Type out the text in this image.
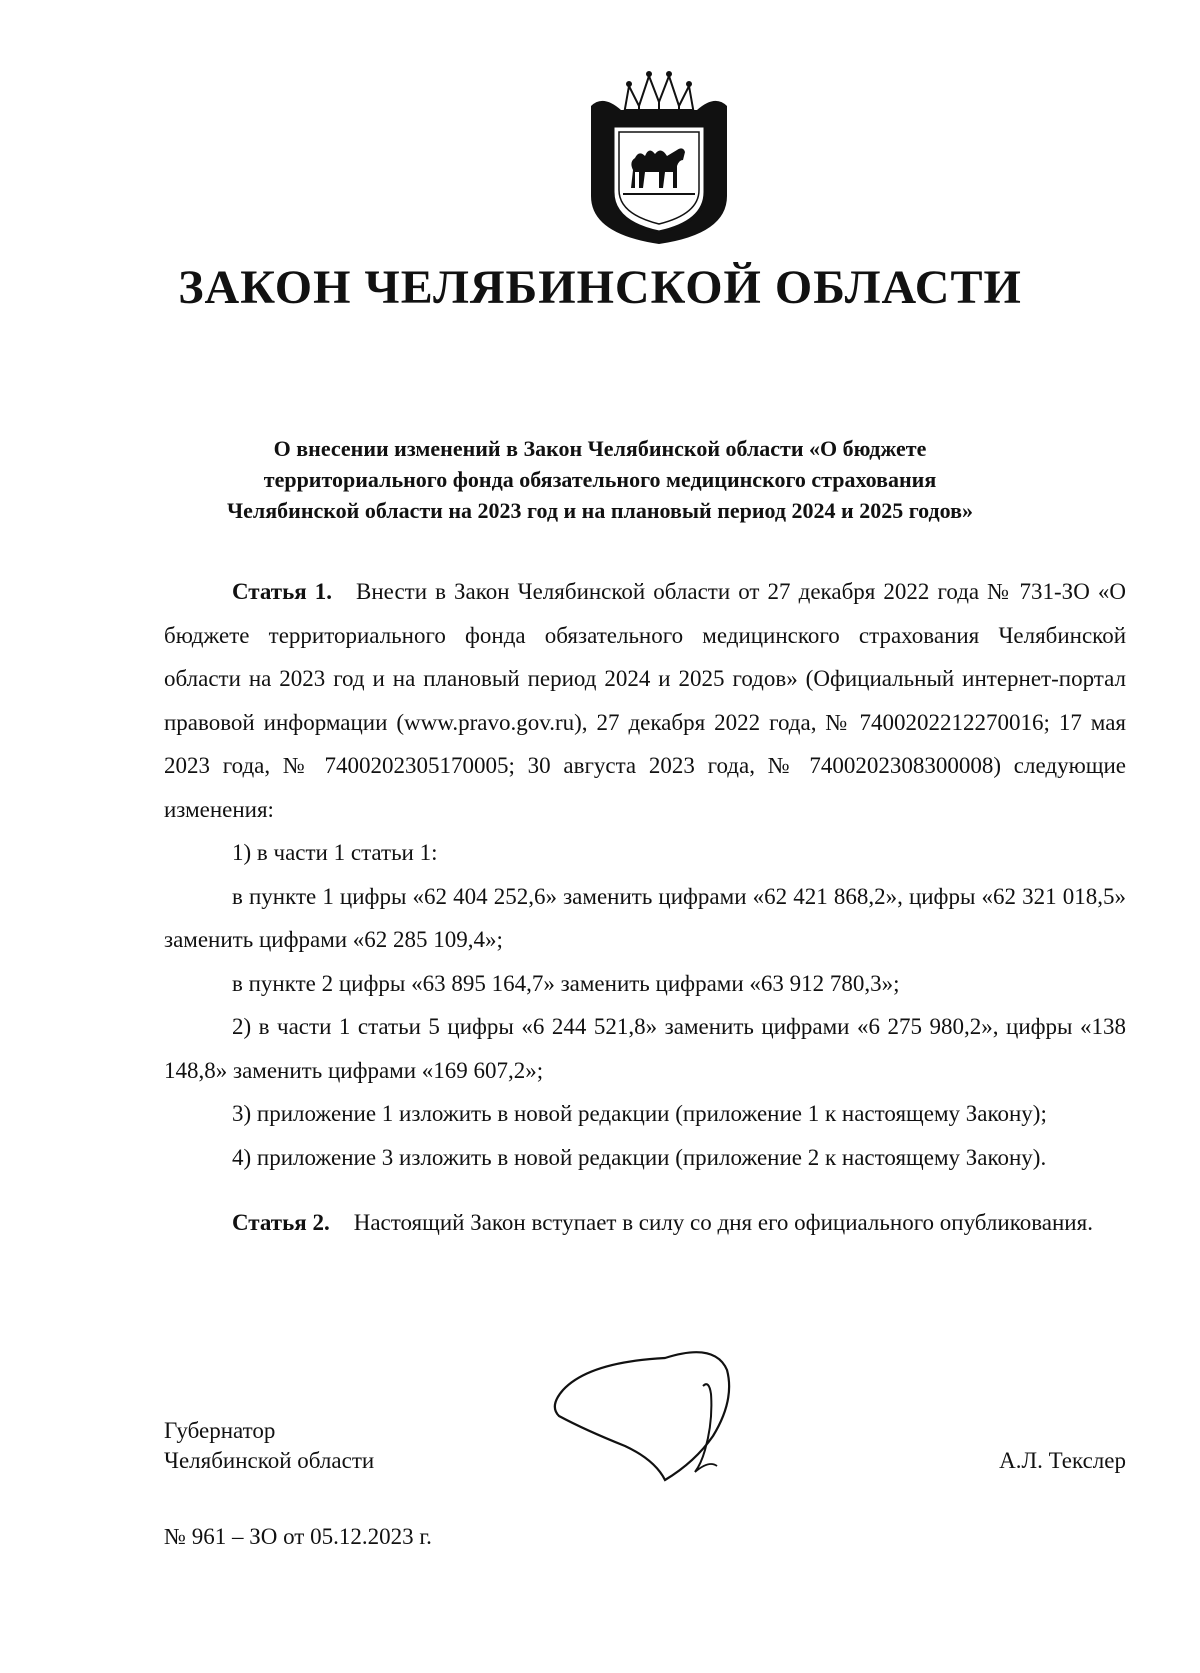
ЗАКОН ЧЕЛЯБИНСКОЙ ОБЛАСТИ
О внесении изменений в Закон Челябинской области «О бюджете
территориального фонда обязательного медицинского страхования
Челябинской области на 2023 год и на плановый период 2024 и 2025 годов»

Статья 1. Внести в Закон Челябинской области от 27 декабря 2022 года № 731-ЗО «О бюджете территориального фонда обязательного медицинского страхования Челябинской области на 2023 год и на плановый период 2024 и 2025 годов» (Официальный интернет-портал правовой информации (www.pravo.gov.ru), 27 декабря 2022 года, № 7400202212270016; 17 мая 2023 года, № 7400202305170005; 30 августа 2023 года, № 7400202308300008) следующие изменения:

1) в части 1 статьи 1:

в пункте 1 цифры «62 404 252,6» заменить цифрами «62 421 868,2», цифры «62 321 018,5» заменить цифрами «62 285 109,4»;

в пункте 2 цифры «63 895 164,7» заменить цифрами «63 912 780,3»;

2) в части 1 статьи 5 цифры «6 244 521,8» заменить цифрами «6 275 980,2», цифры «138 148,8» заменить цифрами «169 607,2»;

3) приложение 1 изложить в новой редакции (приложение 1 к настоящему Закону);

4) приложение 3 изложить в новой редакции (приложение 2 к настоящему Закону).

Статья 2. Настоящий Закон вступает в силу со дня его официального опубликования.

Губернатор
Челябинской области	А.Л. Текслер
№ 961 – ЗО от 05.12.2023 г.
